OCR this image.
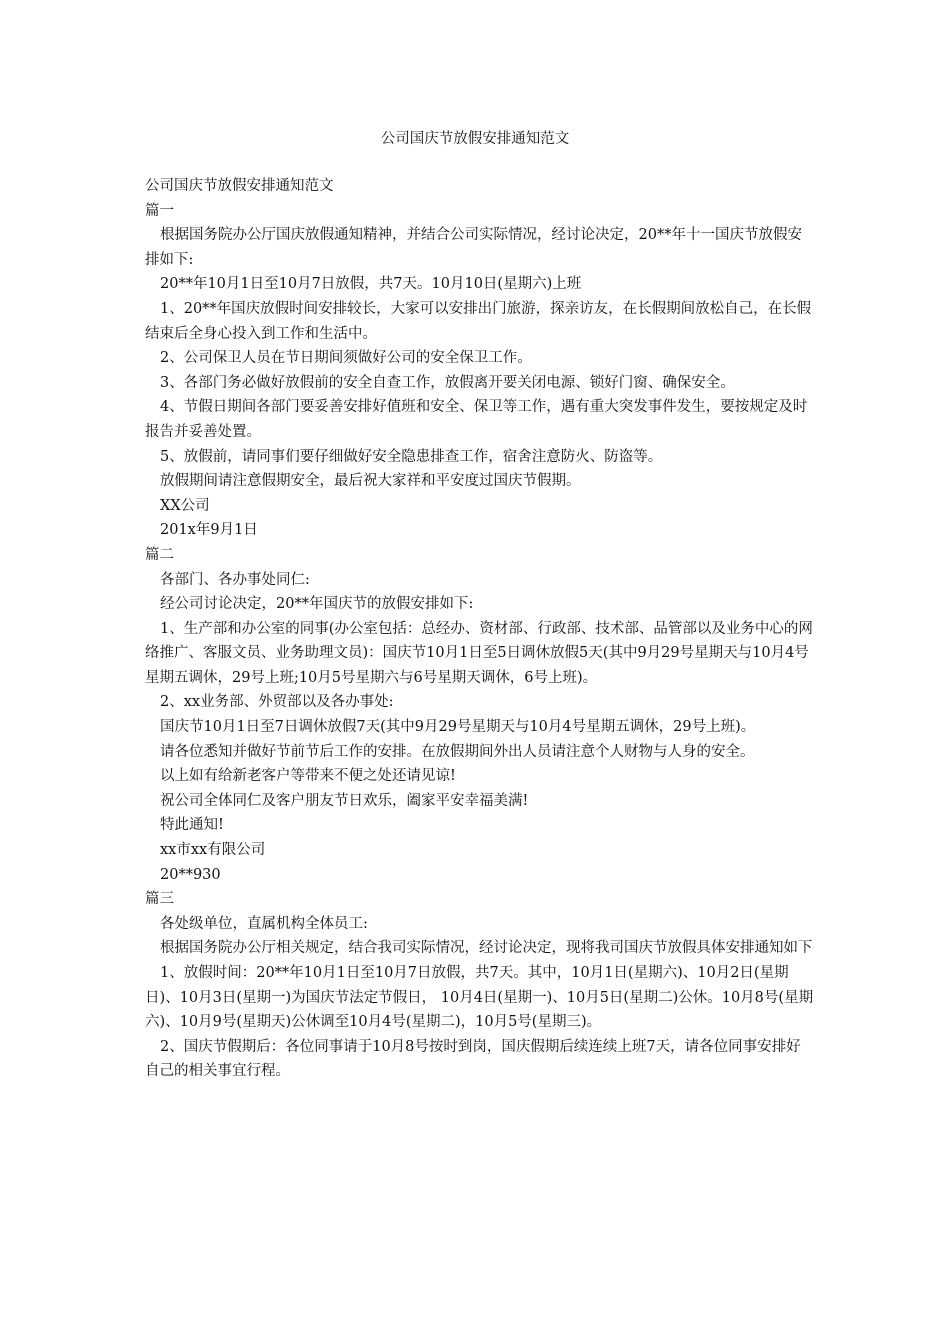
公司国庆节放假安排通知范文

公司国庆节放假安排通知范文

篇一

根据国务院办公厅国庆放假通知精神，并结合公司实际情况，经讨论决定，20**年十一国庆节放假安排如下:

20**年10月1日至10月7日放假，共7天。10月10日(星期六)上班

1、20**年国庆放假时间安排较长，大家可以安排出门旅游，探亲访友，在长假期间放松自己，在长假结束后全身心投入到工作和生活中。

2、公司保卫人员在节日期间须做好公司的安全保卫工作。

3、各部门务必做好放假前的安全自查工作，放假离开要关闭电源、锁好门窗、确保安全。

4、节假日期间各部门要妥善安排好值班和安全、保卫等工作，遇有重大突发事件发生，要按规定及时报告并妥善处置。

5、放假前，请同事们要仔细做好安全隐患排查工作，宿舍注意防火、防盗等。

放假期间请注意假期安全，最后祝大家祥和平安度过国庆节假期。

XX公司

201x年9月1日

篇二

各部门、各办事处同仁:

经公司讨论决定，20**年国庆节的放假安排如下:

1、生产部和办公室的同事(办公室包括：总经办、资材部、行政部、技术部、品管部以及业务中心的网络推广、客服文员、业务助理文员)：国庆节10月1日至5日调休放假5天(其中9月29号星期天与10月4号星期五调休，29号上班;10月5号星期六与6号星期天调休，6号上班)。

2、xx业务部、外贸部以及各办事处:

国庆节10月1日至7日调休放假7天(其中9月29号星期天与10月4号星期五调休，29号上班)。

请各位悉知并做好节前节后工作的安排。在放假期间外出人员请注意个人财物与人身的安全。

以上如有给新老客户等带来不便之处还请见谅!

祝公司全体同仁及客户朋友节日欢乐，阖家平安幸福美满!

特此通知!

xx市xx有限公司

20**930

篇三

各处级单位，直属机构全体员工:

根据国务院办公厅相关规定，结合我司实际情况，经讨论决定，现将我司国庆节放假具体安排通知如下

1、放假时间：20**年10月1日至10月7日放假，共7天。其中，10月1日(星期六)、10月2日(星期日)、10月3日(星期一)为国庆节法定节假日， 10月4日(星期一)、10月5日(星期二)公休。10月8号(星期六)、10月9号(星期天)公休调至10月4号(星期二)，10月5号(星期三)。

2、国庆节假期后：各位同事请于10月8号按时到岗，国庆假期后续连续上班7天，请各位同事安排好自己的相关事宜行程。
